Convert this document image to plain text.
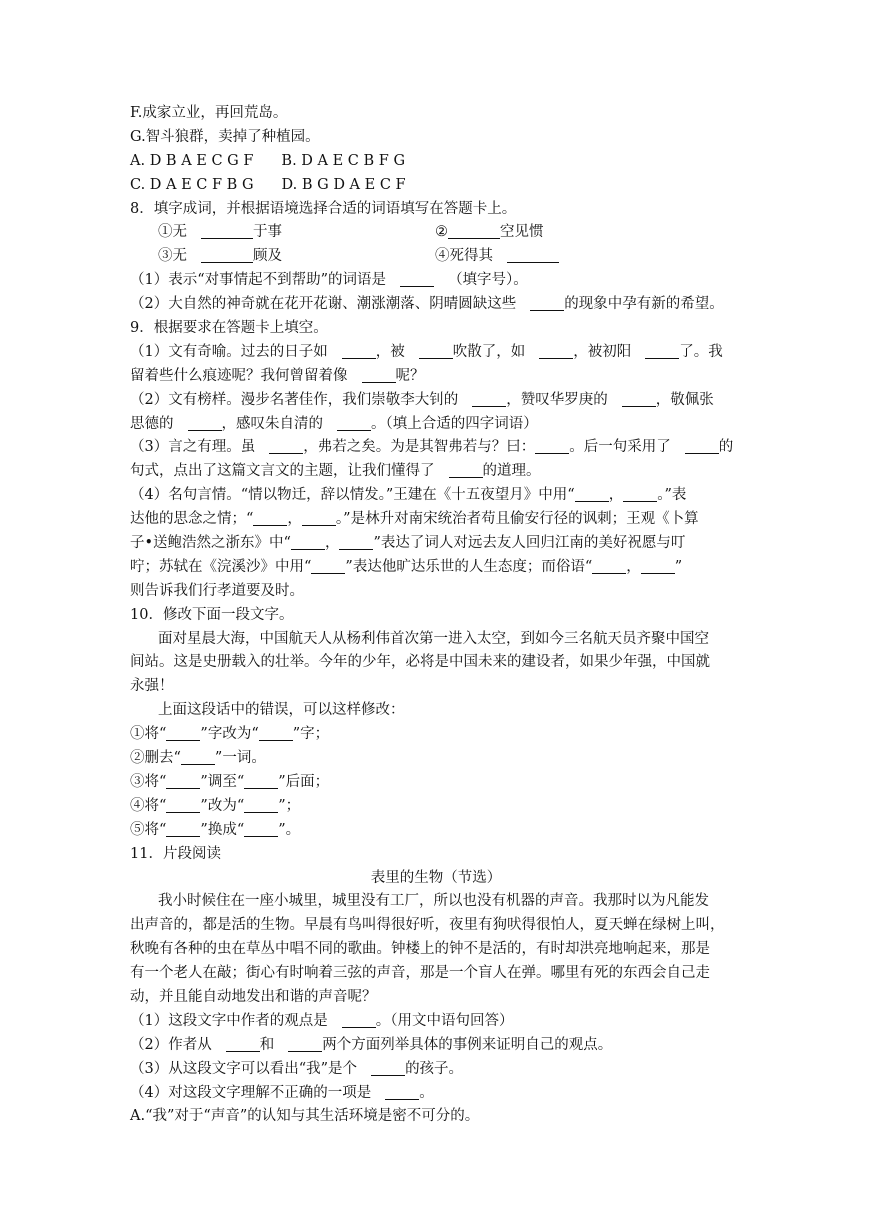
F.成家立业，再回荒岛。
G.智斗狼群，卖掉了种植园。
A. D B A E C G F B. D A E C B F G
C. D A E C F B G D. B G D A E C F
8．填字成词，并根据语境选择合适的词语填写在答题卡上。
①无	于事	②	空见惯
③无	顾及	④死得其
（1）表示“对事情起不到帮助”的词语是	（填字号）。
（2）大自然的神奇就在花开花谢、潮涨潮落、阴晴圆缺这些	的现象中孕有新的希望。
9．根据要求在答题卡上填空。
（1）文有奇喻。过去的日子如	，被	吹散了，如	，被初阳	了。我
留着些什么痕迹呢？我何曾留着像	呢？
（2）文有榜样。漫步名著佳作，我们崇敬李大钊的	，赞叹华罗庚的	，敬佩张
思德的	，感叹朱自清的	。（填上合适的四字词语）
（3）言之有理。虽	，弗若之矣。为是其智弗若与？曰： 。后一句采用了	的
句式，点出了这篇文言文的主题，让我们懂得了	的道理。
（4）名句言情。“情以物迁，辞以情发。”王建在《十五夜望月》中用“ ， 。”表
达他的思念之情；“ ， 。”是林升对南宋统治者苟且偷安行径的讽刺；王观《卜算
子•送鲍浩然之浙东》中“ ， ”表达了词人对远去友人回归江南的美好祝愿与叮
咛；苏轼在《浣溪沙》中用“ ”表达他旷达乐世的人生态度；而俗语“ ， ”
则告诉我们行孝道要及时。
10．修改下面一段文字。
面对星晨大海，中国航天人从杨利伟首次第一进入太空，到如今三名航天员齐聚中国空
间站。这是史册载入的壮举。今年的少年，必将是中国未来的建设者，如果少年强，中国就
永强！
上面这段话中的错误，可以这样修改：
①将“ ”字改为“ ”字；
②删去“ ”一词。
③将“ ”调至“ ”后面；
④将“ ”改为“ ”；
⑤将“ ”换成“ ”。
11．片段阅读
表里的生物（节选）
我小时候住在一座小城里，城里没有工厂，所以也没有机器的声音。我那时以为凡能发
出声音的，都是活的生物。早晨有鸟叫得很好听，夜里有狗吠得很怕人，夏天蝉在绿树上叫，
秋晚有各种的虫在草丛中唱不同的歌曲。钟楼上的钟不是活的，有时却洪亮地响起来，那是
有一个老人在敲；街心有时响着三弦的声音，那是一个盲人在弹。哪里有死的东西会自己走
动，并且能自动地发出和谐的声音呢？
（1）这段文字中作者的观点是	。（用文中语句回答）
（2）作者从	和	两个方面列举具体的事例来证明自己的观点。
（3）从这段文字可以看出“我”是个	的孩子。
（4）对这段文字理解不正确的一项是	。
A.“我”对于“声音”的认知与其生活环境是密不可分的。
